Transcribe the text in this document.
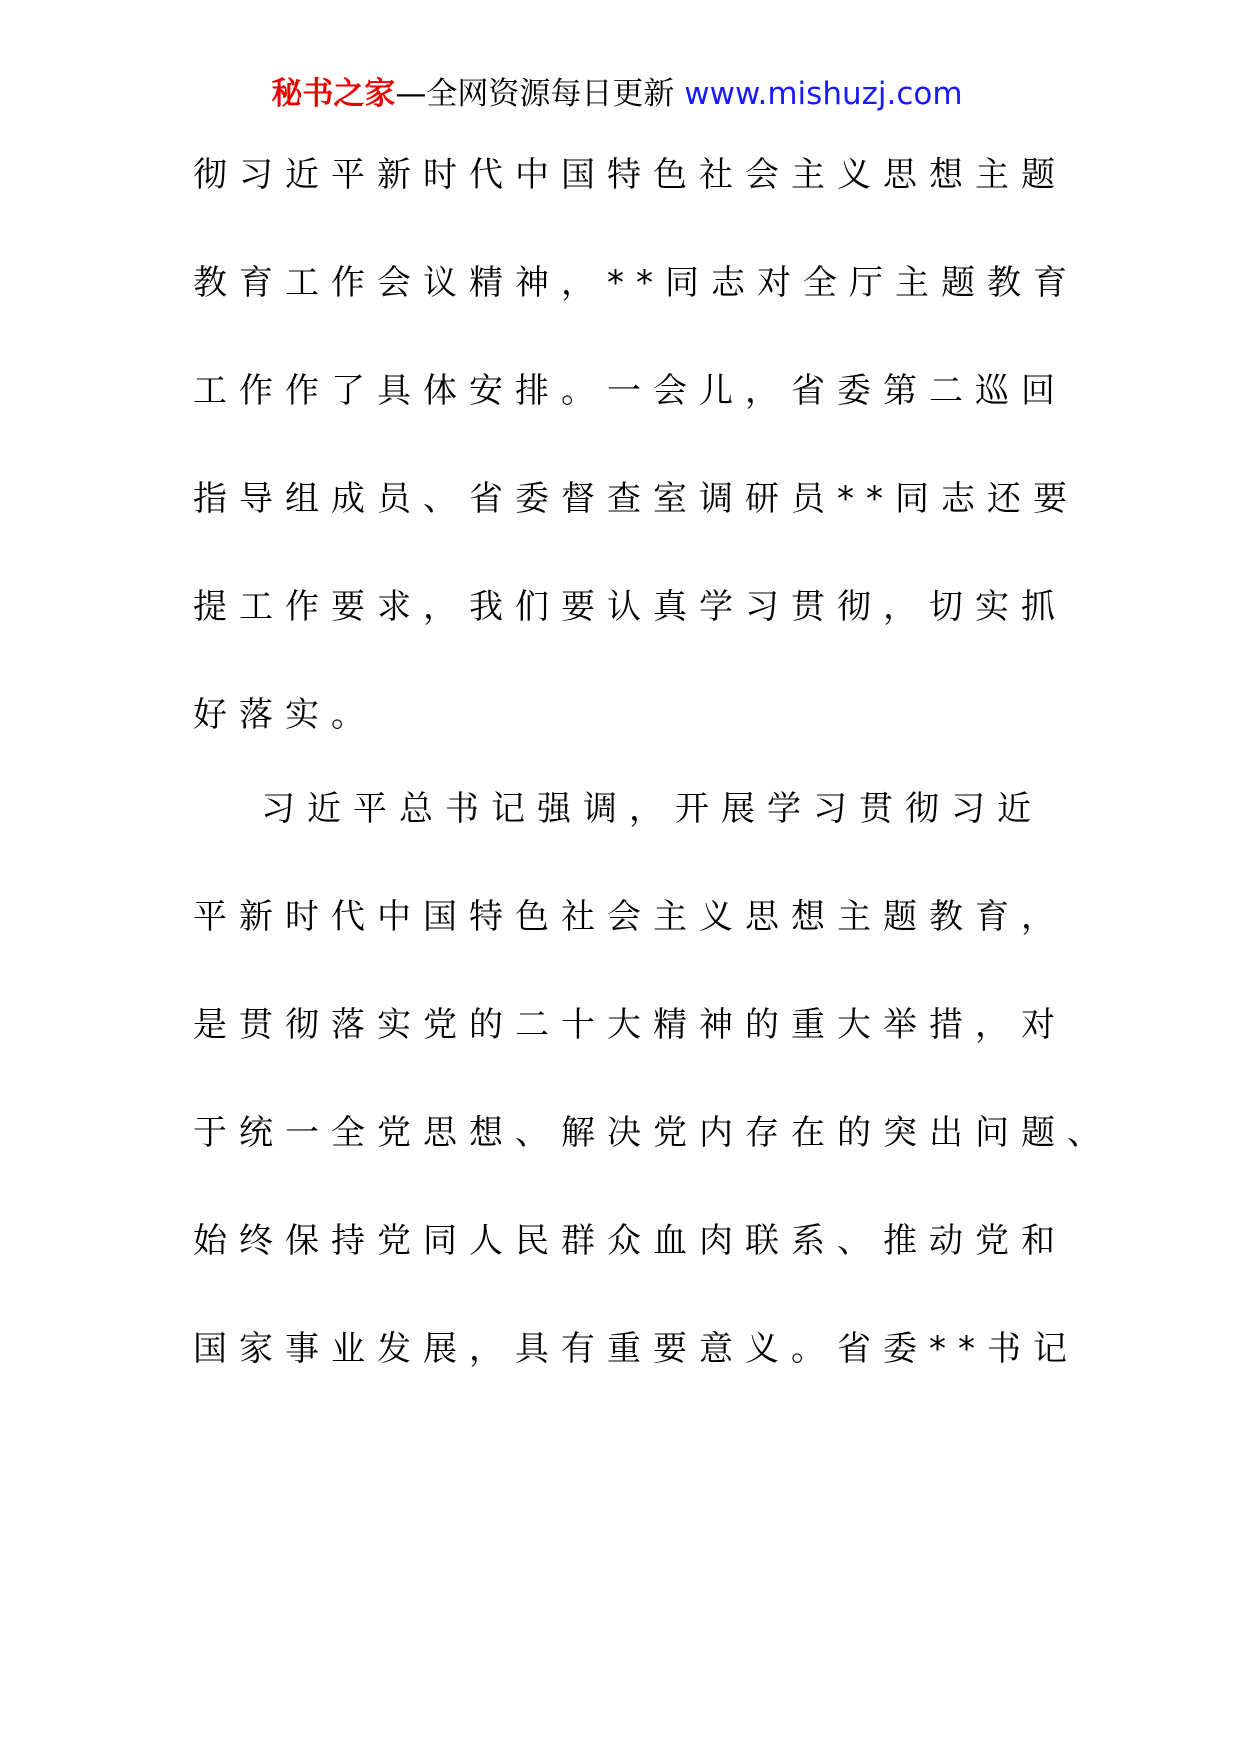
秘书之家—全网资源每日更新 www.mishuzj.com
彻习近平新时代中国特色社会主义思想主题
教育工作会议精神，**同志对全厅主题教育
工作作了具体安排。一会儿，省委第二巡回
指导组成员、省委督查室调研员**同志还要
提工作要求，我们要认真学习贯彻，切实抓
好落实。
习近平总书记强调，开展学习贯彻习近
平新时代中国特色社会主义思想主题教育，
是贯彻落实党的二十大精神的重大举措，对
于统一全党思想、解决党内存在的突出问题、
始终保持党同人民群众血肉联系、推动党和
国家事业发展，具有重要意义。省委**书记
